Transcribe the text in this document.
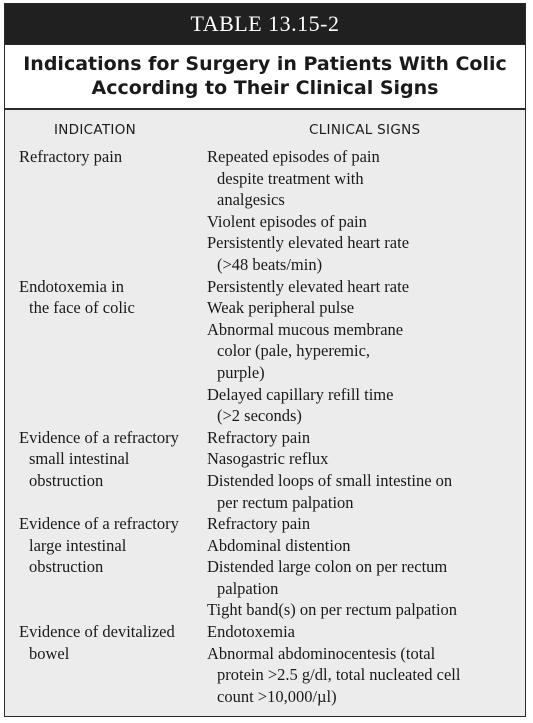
TABLE 13.15-2
Indications for Surgery in Patients With Colic
According to Their Clinical Signs
INDICATION	CLINICAL SIGNS
Refractory pain	Repeated episodes of pain
despite treatment with
analgesics
Violent episodes of pain
Persistently elevated heart rate
(>48 beats/min)
Endotoxemia in
the face of colic
Persistently elevated heart rate
Weak peripheral pulse
Abnormal mucous membrane
color (pale, hyperemic,
purple)
Delayed capillary refill time
(>2 seconds)
Evidence of a refractory
small intestinal
obstruction
Refractory pain
Nasogastric reflux
Distended loops of small intestine on
per rectum palpation
Evidence of a refractory
large intestinal
obstruction
Refractory pain
Abdominal distention
Distended large colon on per rectum
palpation
Tight band(s) on per rectum palpation
Evidence of devitalized
bowel
Endotoxemia
Abnormal abdominocentesis (total
protein >2.5 g/dl, total nucleated cell
count >10,000/µl)
